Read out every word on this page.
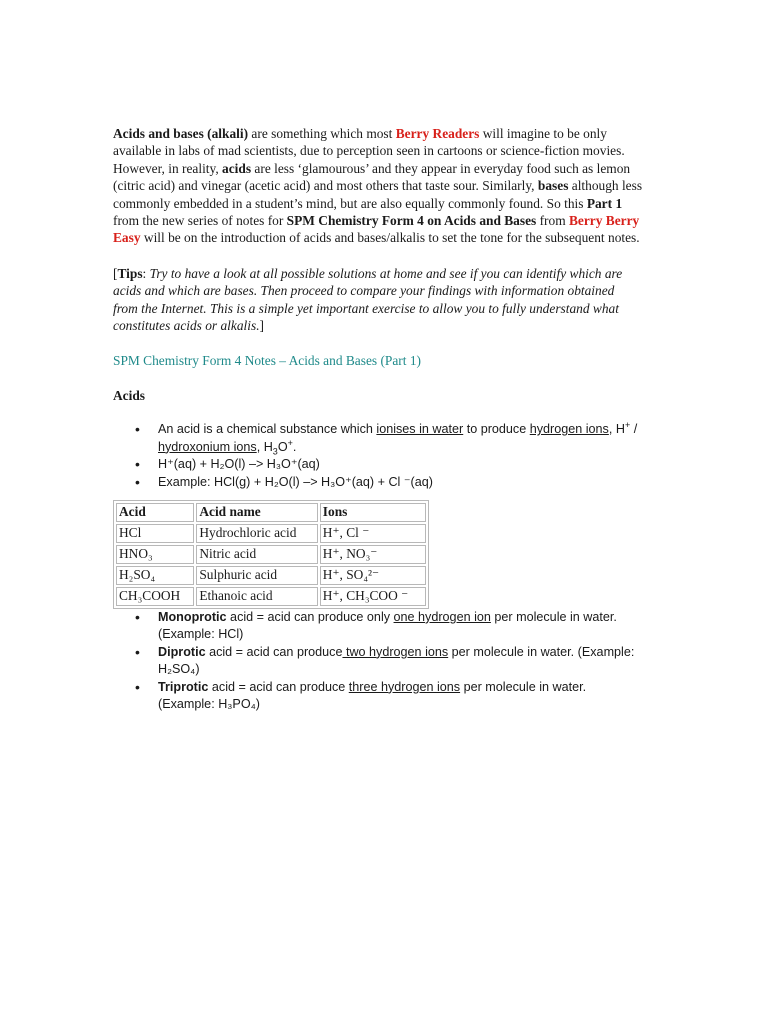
Acids and bases (alkali) are something which most Berry Readers will imagine to be only available in labs of mad scientists, due to perception seen in cartoons or science-fiction movies. However, in reality, acids are less ‘glamourous’ and they appear in everyday food such as lemon (citric acid) and vinegar (acetic acid) and most others that taste sour. Similarly, bases although less commonly embedded in a student’s mind, but are also equally commonly found. So this Part 1 from the new series of notes for SPM Chemistry Form 4 on Acids and Bases from Berry Berry Easy will be on the introduction of acids and bases/alkalis to set the tone for the subsequent notes.

[Tips: Try to have a look at all possible solutions at home and see if you can identify which are acids and which are bases. Then proceed to compare your findings with information obtained from the Internet. This is a simple yet important exercise to allow you to fully understand what constitutes acids or alkalis.]

SPM Chemistry Form 4 Notes – Acids and Bases (Part 1)

Acids

• An acid is a chemical substance which ionises in water to produce hydrogen ions, H+ / hydroxonium ions, $H_3O^+$.
• H⁺(aq) + H₂O(l) –> H₃O⁺(aq)
• Example: HCl(g) + H₂O(l) –> H₃O⁺(aq) + Cl ⁻(aq)
Acid	Acid name	Ions
HCl	Hydrochloric acid	H⁺, Cl ⁻
HNO₃	Nitric acid	H⁺, NO₃⁻
H₂SO₄	Sulphuric acid	H⁺, SO₄²⁻
CH₃COOH	Ethanoic acid	H⁺, CH₃COO ⁻
• Monoprotic acid = acid can produce only one hydrogen ion per molecule in water. (Example: HCl)
• Diprotic acid = acid can produce two hydrogen ions per molecule in water. (Example: H₂SO₄)
• Triprotic acid = acid can produce three hydrogen ions per molecule in water. (Example: H₃PO₄)
